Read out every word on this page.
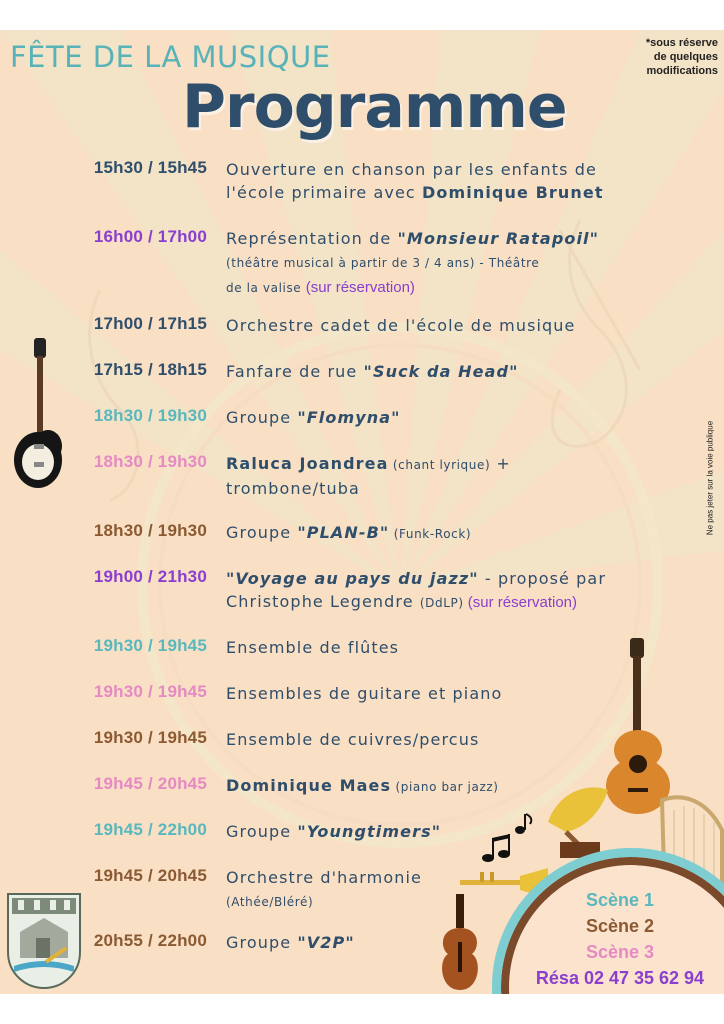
FÊTE DE LA MUSIQUE
Programme
*sous réserve de quelques modifications
Ne pas jeter sur la voie publique
15h30 / 15h45 Ouverture en chanson par les enfants de
l'école primaire avec Dominique Brunet
16h00 / 17h00 Représentation de "Monsieur Ratapoil"
(théâtre musical à partir de 3 / 4 ans) - Théâtre
de la valise (sur réservation)
17h00 / 17h15 Orchestre cadet de l'école de musique
17h15 / 18h15 Fanfare de rue "Suck da Head"
18h30 / 19h30 Groupe "Flomyna"
18h30 / 19h30 Raluca Joandrea (chant lyrique) +
trombone/tuba
18h30 / 19h30 Groupe "PLAN-B" (Funk-Rock)
19h00 / 21h30 "Voyage au pays du jazz" - proposé par
Christophe Legendre (DdLP) (sur réservation)
19h30 / 19h45 Ensemble de flûtes
19h30 / 19h45 Ensembles de guitare et piano
19h30 / 19h45 Ensemble de cuivres/percus
19h45 / 20h45 Dominique Maes (piano bar jazz)
19h45 / 22h00 Groupe "Youngtimers"
19h45 / 20h45 Orchestre d'harmonie
(Athée/Bléré)
20h55 / 22h00 Groupe "V2P"
Scène 1
Scène 2
Scène 3
Résa 02 47 35 62 94
